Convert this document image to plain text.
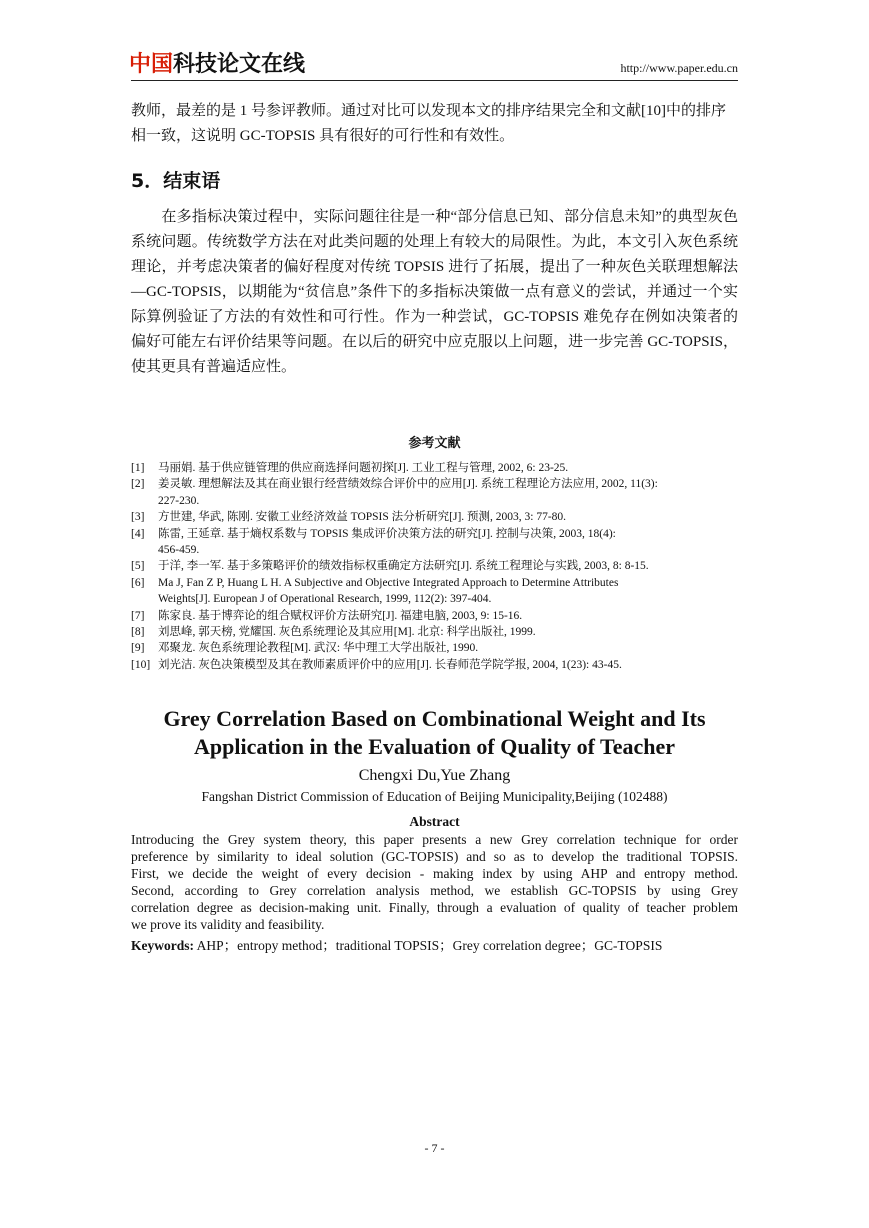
中国科技论文在线	http://www.paper.edu.cn
教师，最差的是 1 号参评教师。通过对比可以发现本文的排序结果完全和文献[10]中的排序
相一致，这说明 GC-TOPSIS 具有很好的可行性和有效性。
5．结束语
　　在多指标决策过程中，实际问题往往是一种“部分信息已知、部分信息未知”的典型灰色
系统问题。传统数学方法在对此类问题的处理上有较大的局限性。为此，本文引入灰色系统
理论，并考虑决策者的偏好程度对传统 TOPSIS 进行了拓展，提出了一种灰色关联理想解法
—GC-TOPSIS，以期能为“贫信息”条件下的多指标决策做一点有意义的尝试，并通过一个实
际算例验证了方法的有效性和可行性。作为一种尝试，GC-TOPSIS 难免存在例如决策者的
偏好可能左右评价结果等问题。在以后的研究中应克服以上问题，进一步完善 GC-TOPSIS，
使其更具有普遍适应性。
参考文献
[1] 马丽娟. 基于供应链管理的供应商选择问题初探[J]. 工业工程与管理, 2002, 6: 23-25.
[2] 姜灵敏. 理想解法及其在商业银行经营绩效综合评价中的应用[J]. 系统工程理论方法应用, 2002, 11(3):
227-230.
[3] 方世建, 华武, 陈刚. 安徽工业经济效益 TOPSIS 法分析研究[J]. 预测, 2003, 3: 77-80.
[4] 陈雷, 王延章. 基于熵权系数与 TOPSIS 集成评价决策方法的研究[J]. 控制与决策, 2003, 18(4):
456-459.
[5] 于洋, 李一军. 基于多策略评价的绩效指标权重确定方法研究[J]. 系统工程理论与实践, 2003, 8: 8-15.
[6] Ma J, Fan Z P, Huang L H. A Subjective and Objective Integrated Approach to Determine Attributes
Weights[J]. European J of Operational Research, 1999, 112(2): 397-404.
[7] 陈家良. 基于博弈论的组合赋权评价方法研究[J]. 福建电脑, 2003, 9: 15-16.
[8] 刘思峰, 郭天榜, 党耀国. 灰色系统理论及其应用[M]. 北京: 科学出版社, 1999.
[9] 邓聚龙. 灰色系统理论教程[M]. 武汉: 华中理工大学出版社, 1990.
[10] 刘光洁. 灰色决策模型及其在教师素质评价中的应用[J]. 长春师范学院学报, 2004, 1(23): 43-45.
Grey Correlation Based on Combinational Weight and Its
Application in the Evaluation of Quality of Teacher
Chengxi Du,Yue Zhang
Fangshan District Commission of Education of Beijing Municipality,Beijing (102488)
Abstract
Introducing the Grey system theory, this paper presents a new Grey correlation technique for order
preference by similarity to ideal solution (GC-TOPSIS) and so as to develop the traditional TOPSIS.
First, we decide the weight of every decision - making index by using AHP and entropy method.
Second, according to Grey correlation analysis method, we establish GC-TOPSIS by using Grey
correlation degree as decision-making unit. Finally, through a evaluation of quality of teacher problem
we prove its validity and feasibility.
Keywords: AHP；entropy method；traditional TOPSIS；Grey correlation degree；GC-TOPSIS
- 7 -
